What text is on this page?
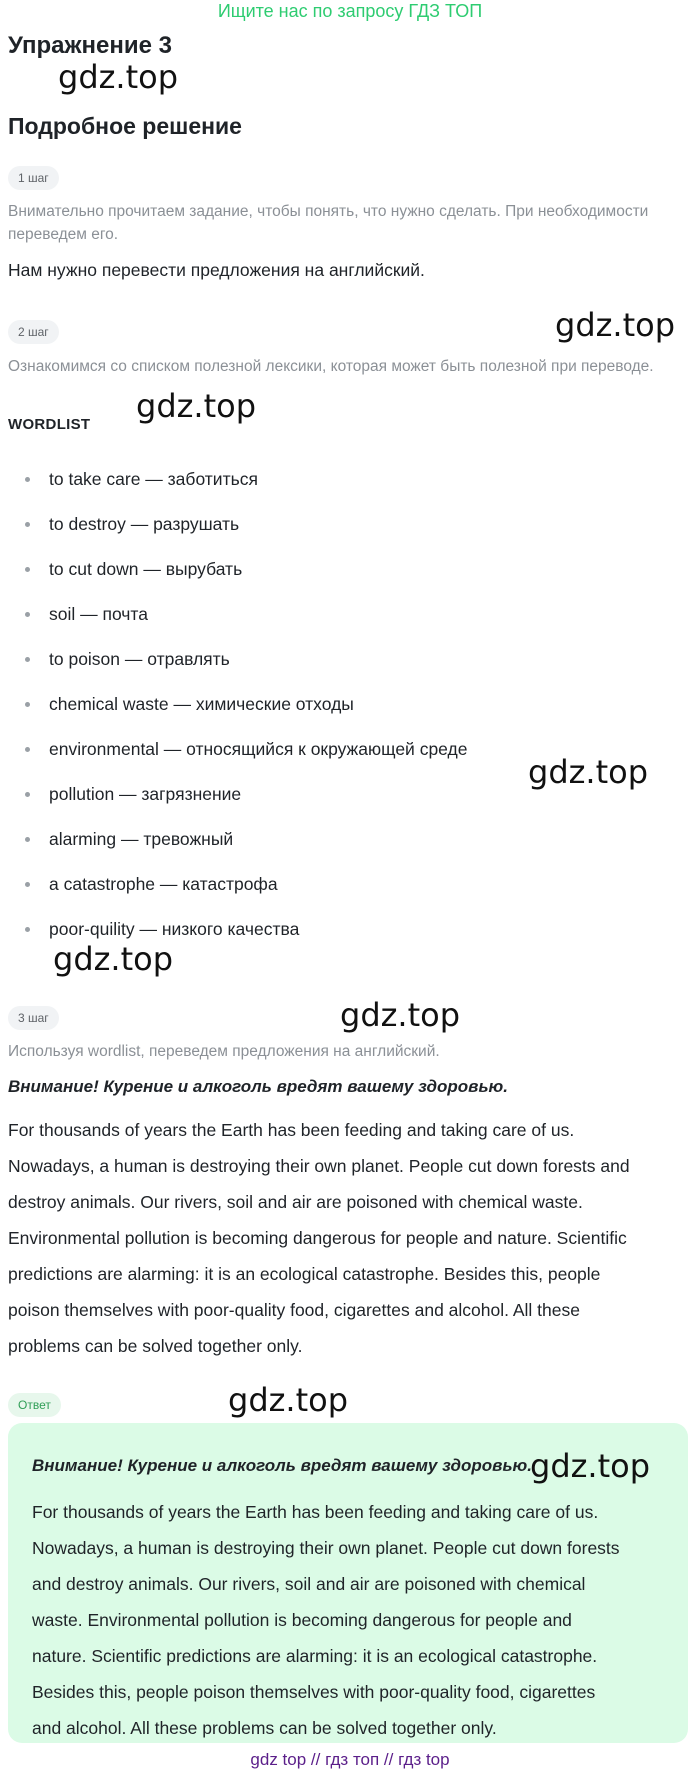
Ищите нас по запросу ГДЗ ТОП
Упражнение 3
gdz.top
Подробное решение
1 шаг
Внимательно прочитаем задание, чтобы понять, что нужно сделать. При необходимости переведем его.
Нам нужно перевести предложения на английский.
2 шаг	gdz.top
Ознакомимся со списком полезной лексики, которая может быть полезной при переводе.
gdz.top
WORDLIST
to take care — заботиться
to destroy — разрушать
to cut down — вырубать
soil — почта
to poison — отравлять
chemical waste — химические отходы
environmental — относящийся к окружающей среде
pollution — загрязнение
alarming — тревожный
a catastrophe — катастрофа
poor-quility — низкого качества
gdz.top
gdz.top
3 шаг	gdz.top
Используя wordlist, переведем предложения на английский.
Внимание! Курение и алкоголь вредят вашему здоровью.
For thousands of years the Earth has been feeding and taking care of us.
Nowadays, a human is destroying their own planet. People cut down forests and
destroy animals. Our rivers, soil and air are poisoned with chemical waste.
Environmental pollution is becoming dangerous for people and nature. Scientific
predictions are alarming: it is an ecological catastrophe. Besides this, people
poison themselves with poor-quality food, cigarettes and alcohol. All these
problems can be solved together only.
Ответ	gdz.top
Внимание! Курение и алкоголь вредят вашему здоровью.
gdz.top
For thousands of years the Earth has been feeding and taking care of us.
Nowadays, a human is destroying their own planet. People cut down forests
and destroy animals. Our rivers, soil and air are poisoned with chemical
waste. Environmental pollution is becoming dangerous for people and
nature. Scientific predictions are alarming: it is an ecological catastrophe.
Besides this, people poison themselves with poor-quality food, cigarettes
and alcohol. All these problems can be solved together only.
gdz top // гдз топ // гдз top
